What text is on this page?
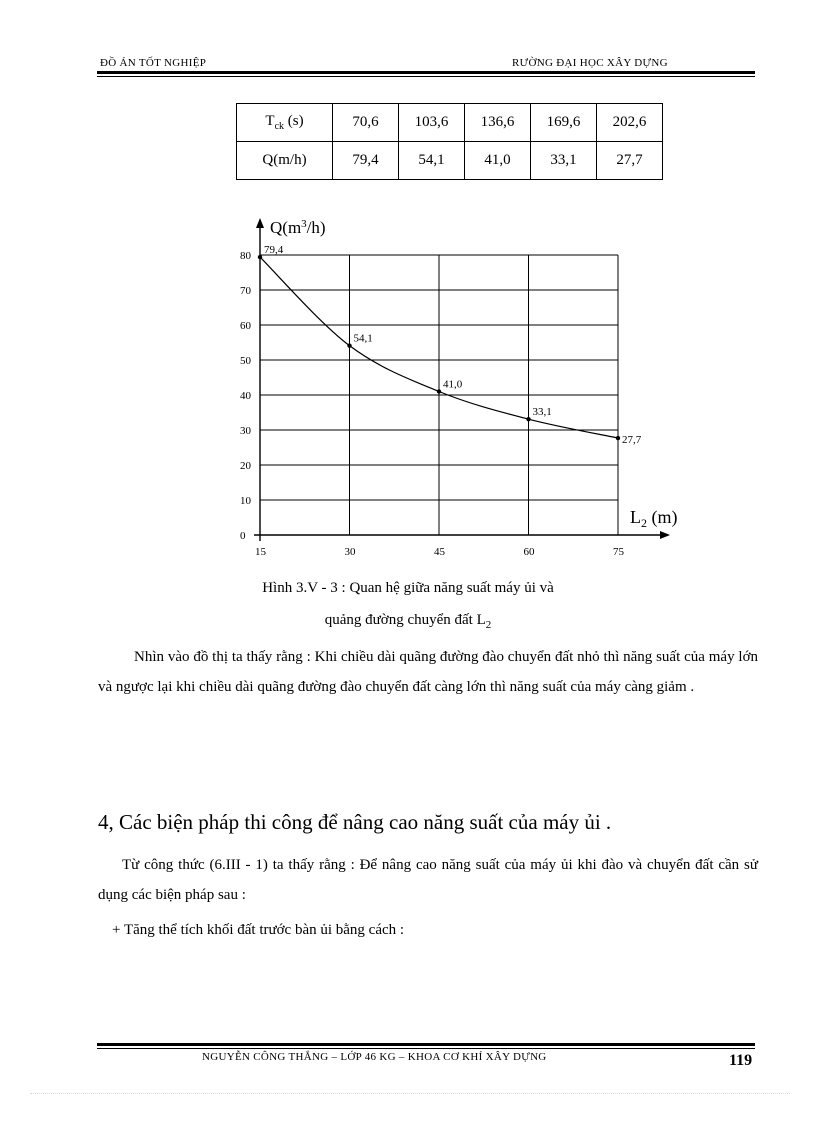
ĐỒ ÁN TỐT NGHIỆP	RƯỜNG ĐẠI HỌC XÂY DỰNG
$T_{ck}$ (s)	70,6	103,6	136,6	169,6	202,6
Q(m/h)	79,4	54,1	41,0	33,1	27,7
0
10
20
30
40
50
60
70
80
15	30	45	60	75
79,4
54,1
41,0
33,1
27,7
$Q(m^3/h)$
$L_2$ (m)
Hình 3.V - 3 : Quan hệ giữa năng suất máy ủi và
quảng đường chuyển đất $L_2$
Nhìn vào đồ thị ta thấy rằng : Khi chiều dài quãng đường đào chuyển đất nhỏ thì năng suất của máy lớn và ngược lại khi chiều dài quãng đường đào chuyển đất càng lớn thì năng suất của máy càng giảm .
4, Các biện pháp thi công để nâng cao năng suất của máy ủi .
Từ công thức (6.III - 1) ta thấy rằng : Để nâng cao năng suất của máy ủi khi đào và chuyển đất cần sử dụng các biện pháp sau :
+ Tăng thể tích khối đất trước bàn ủi bằng cách :
NGUYỄN CÔNG THẮNG – LỚP 46 KG – KHOA CƠ KHÍ XÂY DỰNG	119
